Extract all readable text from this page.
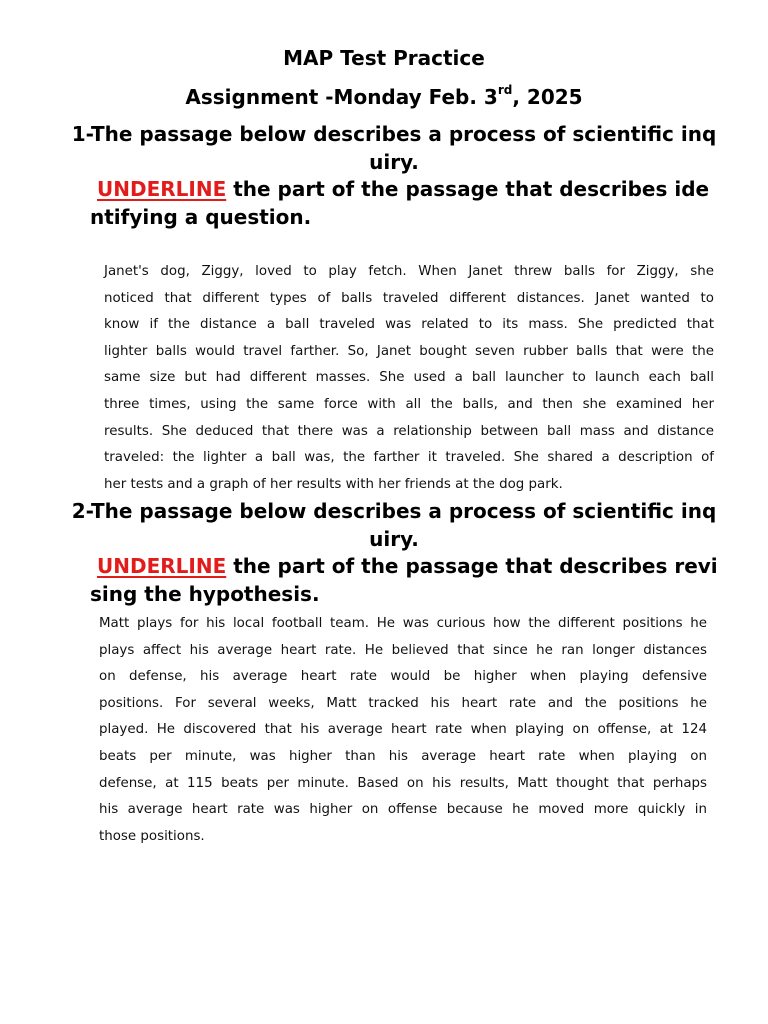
MAP Test Practice
Assignment -Monday Feb. 3rd, 2025
1-The passage below describes a process of scientific inq
uiry.
UNDERLINE the part of the passage that describes ide
ntifying a question.
Janet's dog, Ziggy, loved to play fetch. When Janet threw balls for Ziggy, she
noticed that different types of balls traveled different distances. Janet wanted to
know if the distance a ball traveled was related to its mass. She predicted that
lighter balls would travel farther. So, Janet bought seven rubber balls that were the
same size but had different masses. She used a ball launcher to launch each ball
three times, using the same force with all the balls, and then she examined her
results. She deduced that there was a relationship between ball mass and distance
traveled: the lighter a ball was, the farther it traveled. She shared a description of
her tests and a graph of her results with her friends at the dog park.
2-The passage below describes a process of scientific inq
uiry.
UNDERLINE the part of the passage that describes revi
sing the hypothesis.
Matt plays for his local football team. He was curious how the different positions he
plays affect his average heart rate. He believed that since he ran longer distances
on defense, his average heart rate would be higher when playing defensive
positions. For several weeks, Matt tracked his heart rate and the positions he
played. He discovered that his average heart rate when playing on offense, at 124
beats per minute, was higher than his average heart rate when playing on
defense, at 115 beats per minute. Based on his results, Matt thought that perhaps
his average heart rate was higher on offense because he moved more quickly in
those positions.
